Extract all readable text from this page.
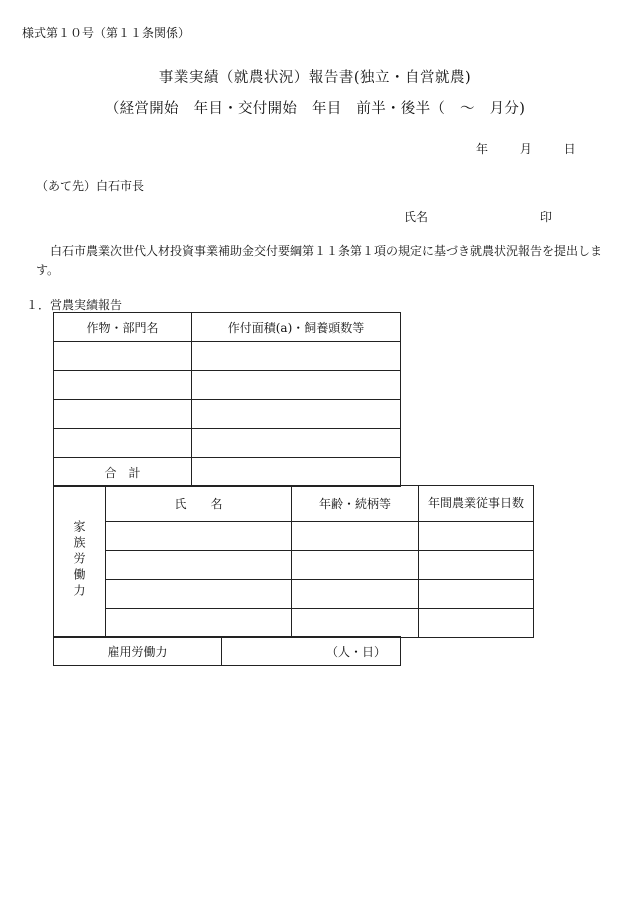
様式第１０号（第１１条関係）
事業実績（就農状況）報告書(独立・自営就農)
（経営開始　年目・交付開始　年目　前半・後半（　～　月分)
年	月	日
（あて先）白石市長
氏名	印
白石市農業次世代人材投資事業補助金交付要綱第１１条第１項の規定に基づき就農状況報告を提出します。
１．営農実績報告
作物・部門名	作付面積(a)・飼養頭数等

合　計	
家族労働力	氏　　名	年齢・続柄等	年間農業従事日数

雇用労働力	（人・日）
